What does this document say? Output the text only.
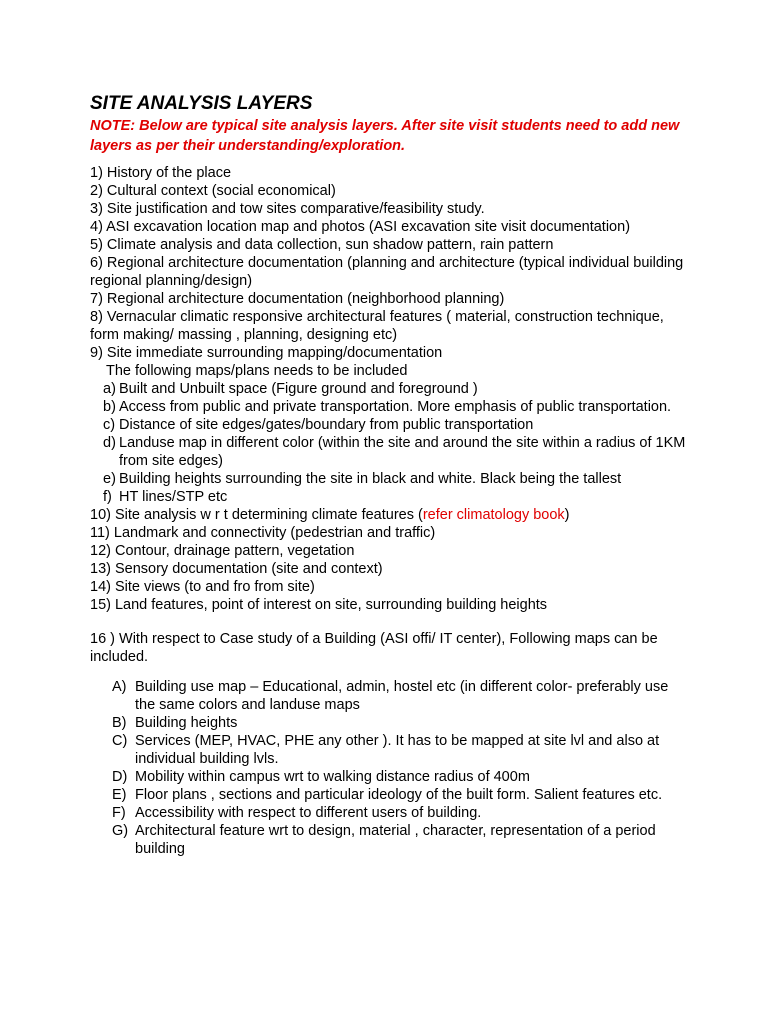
SITE ANALYSIS LAYERS

NOTE: Below are typical site analysis layers. After site visit students need to add new layers as per their understanding/exploration.

1) History of the place

2) Cultural context (social economical)

3) Site justification and tow sites comparative/feasibility study.

4) ASI excavation location map and photos (ASI excavation site visit documentation)

5) Climate analysis and data collection, sun shadow pattern, rain pattern

6) Regional architecture documentation (planning and architecture (typical individual building regional planning/design)

7) Regional architecture documentation (neighborhood planning)

8) Vernacular climatic responsive architectural features ( material, construction technique, form making/ massing , planning, designing etc)

9) Site immediate surrounding mapping/documentation

The following maps/plans needs to be included

a) Built and Unbuilt space (Figure ground and foreground )
b) Access from public and private transportation. More emphasis of public transportation.
c) Distance of site edges/gates/boundary from public transportation
d) Landuse map in different color (within the site and around the site within a radius of 1KM from site edges)
e) Building heights surrounding the site in black and white. Black being the tallest
f) HT lines/STP etc

10) Site analysis w r t determining climate features (refer climatology book)

11) Landmark and connectivity (pedestrian and traffic)

12) Contour, drainage pattern, vegetation

13) Sensory documentation (site and context)

14) Site views (to and fro from site)

15) Land features, point of interest on site, surrounding building heights

16 ) With respect to Case study of a Building (ASI offi/ IT center), Following maps can be included.

A) Building use map – Educational, admin, hostel etc (in different color- preferably use the same colors and landuse maps
B) Building heights
C) Services (MEP, HVAC, PHE any other ). It has to be mapped at site lvl and also at individual building lvls.
D) Mobility within campus wrt to walking distance radius of 400m
E) Floor plans , sections and particular ideology of the built form. Salient features etc.
F) Accessibility with respect to different users of building.
G) Architectural feature wrt to design, material , character, representation of a period building
